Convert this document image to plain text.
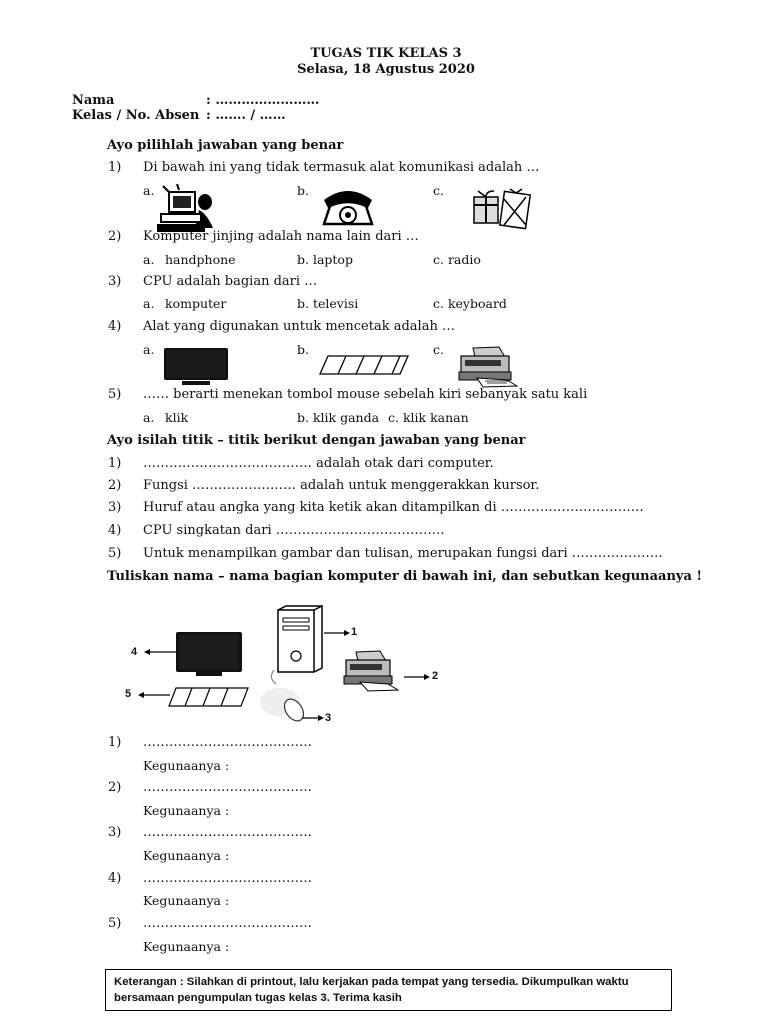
TUGAS TIK KELAS 3
Selasa, 18 Agustus 2020
Nama	: ……………………
Kelas / No. Absen : ……. / ……
Ayo pilihlah jawaban yang benar
1) Di bawah ini yang tidak termasuk alat komunikasi adalah …
a.	b.	c.
2) Komputer jinjing adalah nama lain dari …
a. handphone	b. laptop	c. radio
3) CPU adalah bagian dari …
a. komputer	b. televisi	c. keyboard
4) Alat yang digunakan untuk mencetak adalah …
a.	b.	c.
5) …… berarti menekan tombol mouse sebelah kiri sebanyak satu kali
a. klik	b. klik ganda c. klik kanan
Ayo isilah titik – titik berikut dengan jawaban yang benar
1) ………………………………… adalah otak dari computer.
2) Fungsi …………………… adalah untuk menggerakkan kursor.
3) Huruf atau angka yang kita ketik akan ditampilkan di ……………………………
4) CPU singkatan dari …………………………………
5) Untuk menampilkan gambar dan tulisan, merupakan fungsi dari …………………
Tuliskan nama – nama bagian komputer di bawah ini, dan sebutkan kegunaanya !
1
2
3
4
5
1) …………………………………
Kegunaanya :
2) …………………………………
Kegunaanya :
3) …………………………………
Kegunaanya :
4) …………………………………
Kegunaanya :
5) …………………………………
Kegunaanya :
Keterangan : Silahkan di printout, lalu kerjakan pada tempat yang tersedia. Dikumpulkan waktu bersamaan pengumpulan tugas kelas 3. Terima kasih
